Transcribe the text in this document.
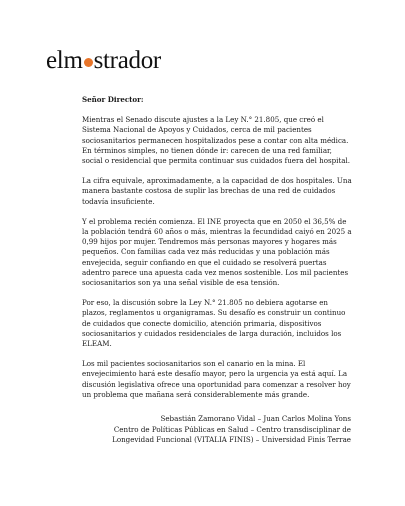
elm strador

Señor Director:

Mientras el Senado discute ajustes a la Ley N.° 21.805, que creó el Sistema Nacional de Apoyos y Cuidados, cerca de mil pacientes sociosanitarios permanecen hospitalizados pese a contar con alta médica. En términos simples, no tienen dónde ir: carecen de una red familiar, social o residencial que permita continuar sus cuidados fuera del hospital.

La cifra equivale, aproximadamente, a la capacidad de dos hospitales. Una manera bastante costosa de suplir las brechas de una red de cuidados todavía insuficiente.

Y el problema recién comienza. El INE proyecta que en 2050 el 36,5% de la población tendrá 60 años o más, mientras la fecundidad caiyó en 2025 a 0,99 hijos por mujer. Tendremos más personas mayores y hogares más pequeños. Con familias cada vez más reducidas y una población más envejecida, seguir confiando en que el cuidado se resolverá puertas adentro parece una apuesta cada vez menos sostenible. Los mil pacientes sociosanitarios son ya una señal visible de esa tensión.

Por eso, la discusión sobre la Ley N.° 21.805 no debiera agotarse en plazos, reglamentos u organigramas. Su desafío es construir un continuo de cuidados que conecte domicilio, atención primaria, dispositivos sociosanitarios y cuidados residenciales de larga duración, incluidos los ELEAM.

Los mil pacientes sociosanitarios son el canario en la mina. El envejecimiento hará este desafío mayor, pero la urgencia ya está aquí. La discusión legislativa ofrece una oportunidad para comenzar a resolver hoy un problema que mañana será considerablemente más grande.

Sebastián Zamorano Vidal – Juan Carlos Molina Yons
Centro de Políticas Públicas en Salud – Centro transdisciplinar de
Longevidad Funcional (VITALIA FINIS) – Universidad Finis Terrae
